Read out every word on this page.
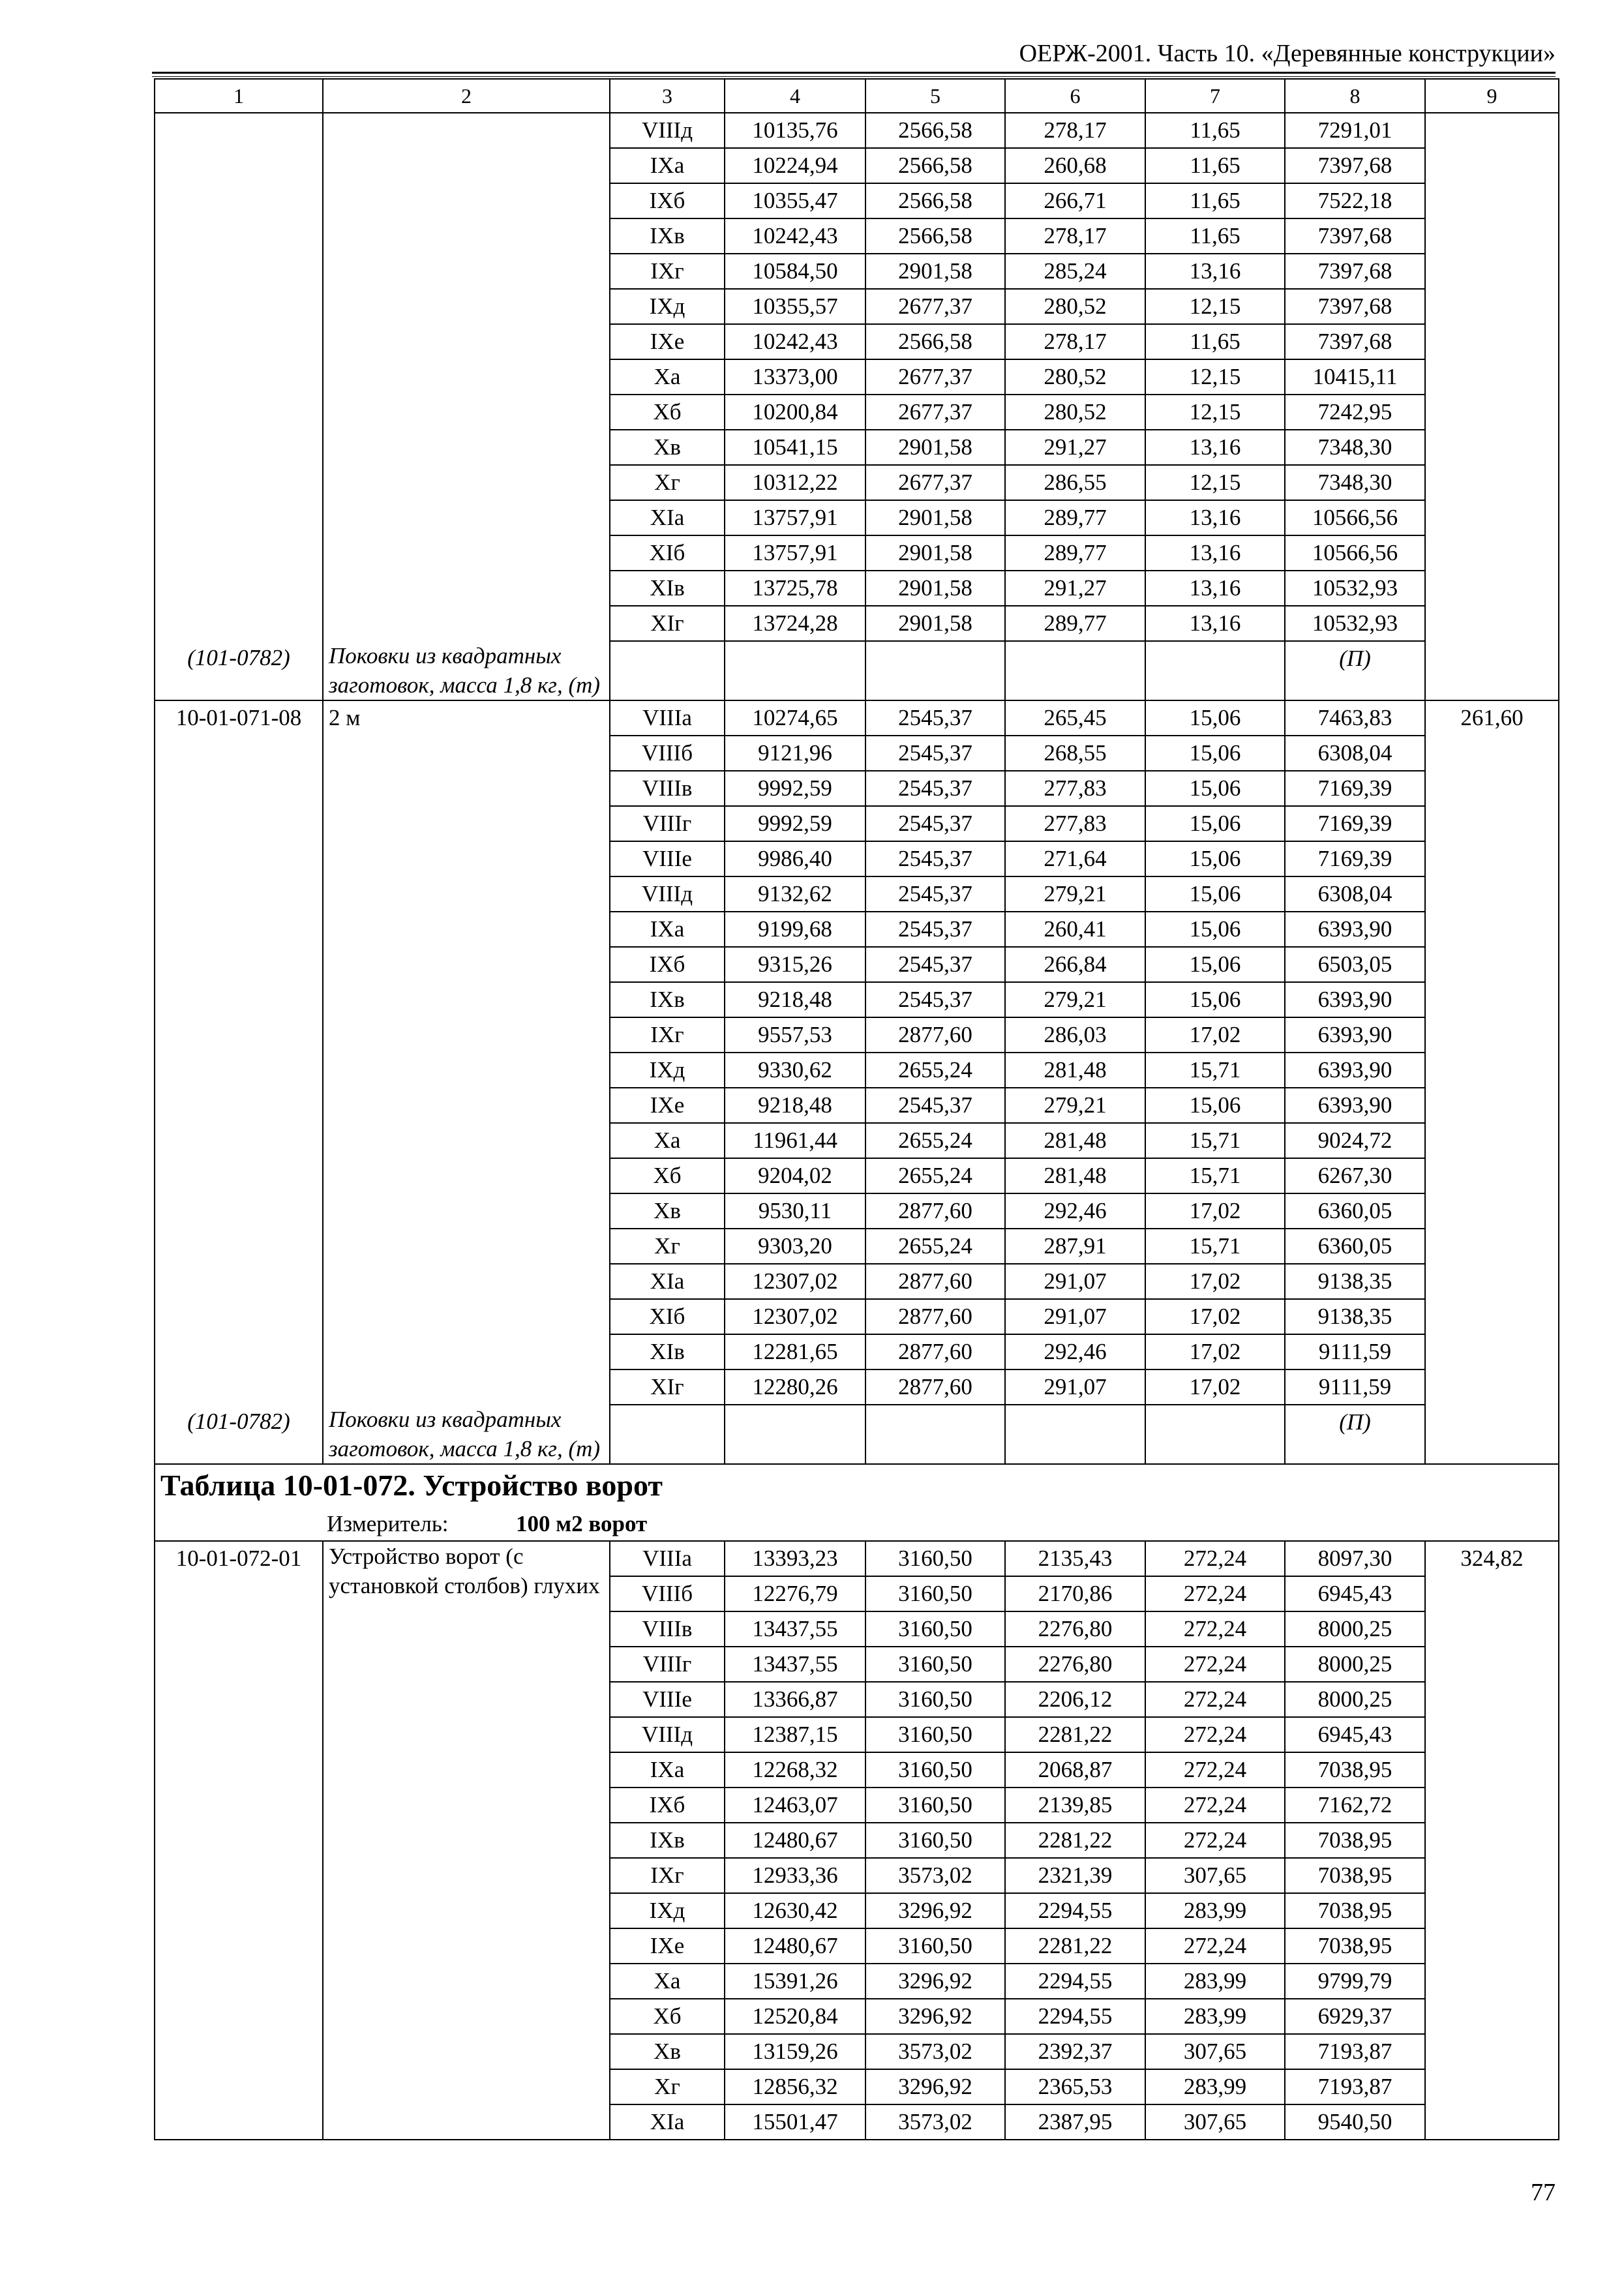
ОЕРЖ-2001. Часть 10. «Деревянные конструкции»
1	2	3	4	5	6	7	8	9
		VIIIд	10135,76	2566,58	278,17	11,65	7291,01	
		IXа	10224,94	2566,58	260,68	11,65	7397,68	
		IXб	10355,47	2566,58	266,71	11,65	7522,18	
		IXв	10242,43	2566,58	278,17	11,65	7397,68	
		IXг	10584,50	2901,58	285,24	13,16	7397,68	
		IXд	10355,57	2677,37	280,52	12,15	7397,68	
		IXе	10242,43	2566,58	278,17	11,65	7397,68	
		Xа	13373,00	2677,37	280,52	12,15	10415,11	
		Xб	10200,84	2677,37	280,52	12,15	7242,95	
		Xв	10541,15	2901,58	291,27	13,16	7348,30	
		Xг	10312,22	2677,37	286,55	12,15	7348,30	
		XIа	13757,91	2901,58	289,77	13,16	10566,56	
		XIб	13757,91	2901,58	289,77	13,16	10566,56	
		XIв	13725,78	2901,58	291,27	13,16	10532,93	
		XIг	13724,28	2901,58	289,77	13,16	10532,93	
(101-0782)	Поковки из квадратных заготовок, масса 1,8 кг, (т)						(П)	
10-01-071-08	2 м	VIIIа	10274,65	2545,37	265,45	15,06	7463,83	261,60
		VIIIб	9121,96	2545,37	268,55	15,06	6308,04	
		VIIIв	9992,59	2545,37	277,83	15,06	7169,39	
		VIIIг	9992,59	2545,37	277,83	15,06	7169,39	
		VIIIе	9986,40	2545,37	271,64	15,06	7169,39	
		VIIIд	9132,62	2545,37	279,21	15,06	6308,04	
		IXа	9199,68	2545,37	260,41	15,06	6393,90	
		IXб	9315,26	2545,37	266,84	15,06	6503,05	
		IXв	9218,48	2545,37	279,21	15,06	6393,90	
		IXг	9557,53	2877,60	286,03	17,02	6393,90	
		IXд	9330,62	2655,24	281,48	15,71	6393,90	
		IXе	9218,48	2545,37	279,21	15,06	6393,90	
		Xа	11961,44	2655,24	281,48	15,71	9024,72	
		Xб	9204,02	2655,24	281,48	15,71	6267,30	
		Xв	9530,11	2877,60	292,46	17,02	6360,05	
		Xг	9303,20	2655,24	287,91	15,71	6360,05	
		XIа	12307,02	2877,60	291,07	17,02	9138,35	
		XIб	12307,02	2877,60	291,07	17,02	9138,35	
		XIв	12281,65	2877,60	292,46	17,02	9111,59	
		XIг	12280,26	2877,60	291,07	17,02	9111,59	
(101-0782)	Поковки из квадратных заготовок, масса 1,8 кг, (т)						(П)	
Таблица 10-01-072. Устройство ворот								
Измеритель: 100 м2 ворот								
10-01-072-01	Устройство ворот (с установкой столбов) глухих	VIIIа	13393,23	3160,50	2135,43	272,24	8097,30	324,82
		VIIIб	12276,79	3160,50	2170,86	272,24	6945,43	
		VIIIв	13437,55	3160,50	2276,80	272,24	8000,25	
		VIIIг	13437,55	3160,50	2276,80	272,24	8000,25	
		VIIIе	13366,87	3160,50	2206,12	272,24	8000,25	
		VIIIд	12387,15	3160,50	2281,22	272,24	6945,43	
		IXа	12268,32	3160,50	2068,87	272,24	7038,95	
		IXб	12463,07	3160,50	2139,85	272,24	7162,72	
		IXв	12480,67	3160,50	2281,22	272,24	7038,95	
		IXг	12933,36	3573,02	2321,39	307,65	7038,95	
		IXд	12630,42	3296,92	2294,55	283,99	7038,95	
		IXе	12480,67	3160,50	2281,22	272,24	7038,95	
		Xа	15391,26	3296,92	2294,55	283,99	9799,79	
		Xб	12520,84	3296,92	2294,55	283,99	6929,37	
		Xв	13159,26	3573,02	2392,37	307,65	7193,87	
		Xг	12856,32	3296,92	2365,53	283,99	7193,87	
		XIа	15501,47	3573,02	2387,95	307,65	9540,50	
77
